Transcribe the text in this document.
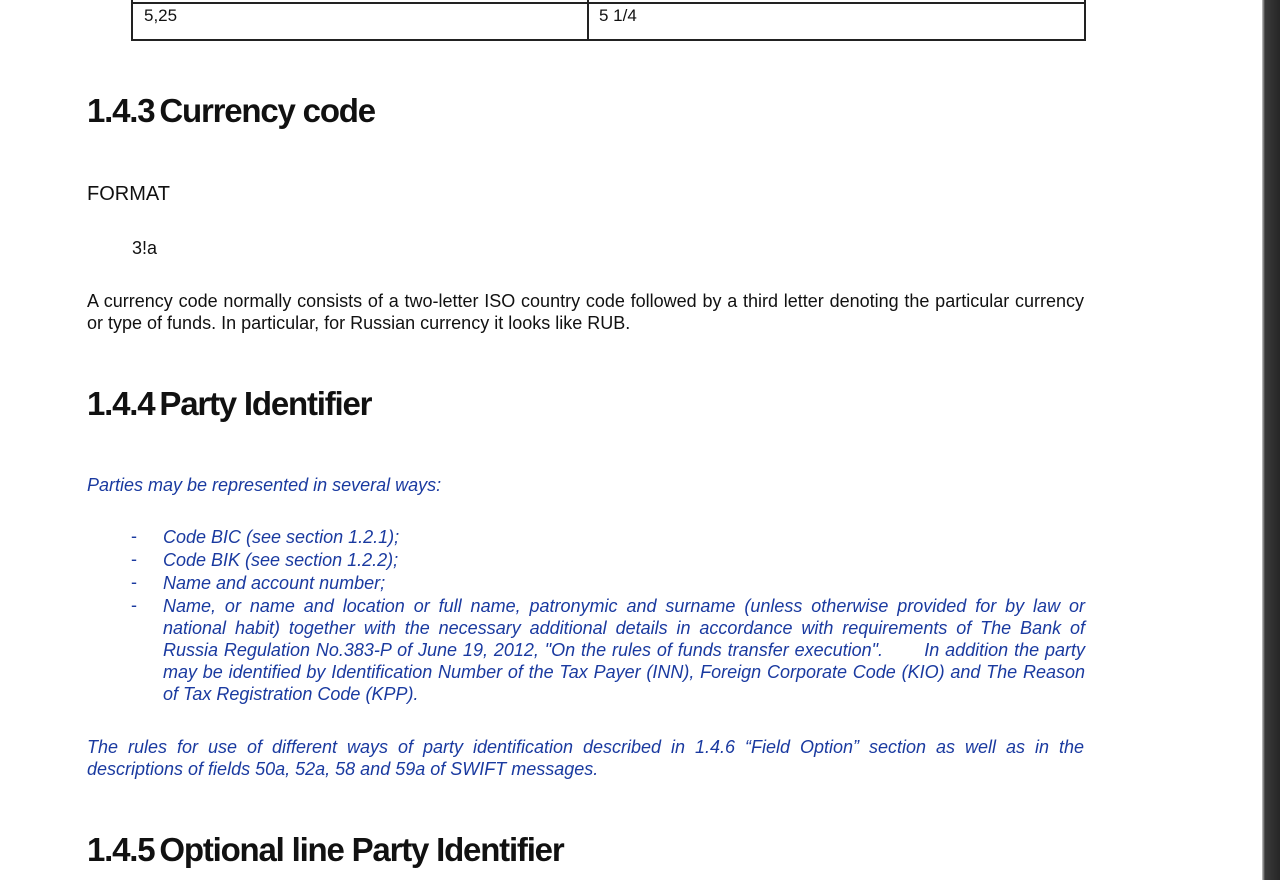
5,25	5 1/4
1.4.3 Currency code
FORMAT
3!a
A currency code normally consists of a two-letter ISO country code followed by a third letter denoting the particular currency or type of funds. In particular, for Russian currency it looks like RUB.
1.4.4 Party Identifier
Parties may be represented in several ways:
- Code BIC (see section 1.2.1);
- Code BIK (see section 1.2.2);
- Name and account number;
- Name, or name and location or full name, patronymic and surname (unless otherwise provided for by law or national habit) together with the necessary additional details in accordance with requirements of The Bank of Russia Regulation No.383-P of June 19, 2012, "On the rules of funds transfer execution".       In addition the party may be identified by Identification Number of the Tax Payer (INN), Foreign Corporate Code (KIO) and The Reason of Tax Registration Code (KPP).
The rules for use of different ways of party identification described in 1.4.6 “Field Option” section as well as in the descriptions of fields 50a, 52a, 58 and 59a of SWIFT messages.
1.4.5 Optional line Party Identifier
